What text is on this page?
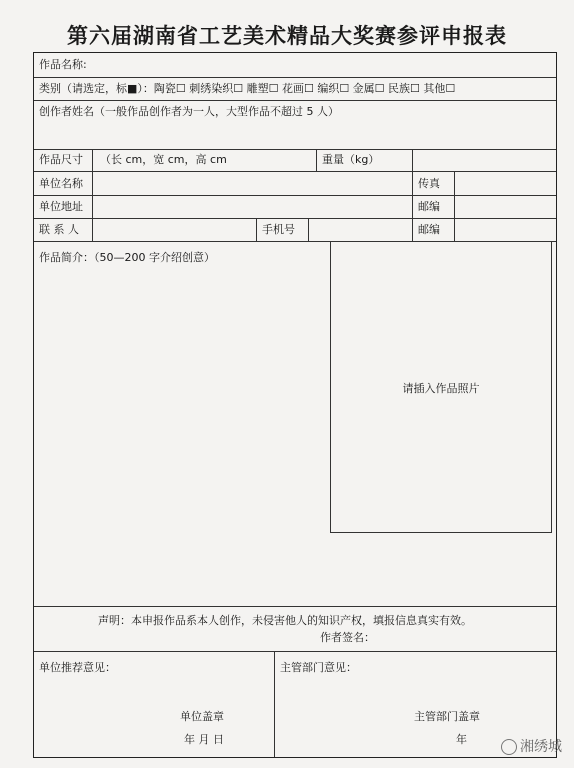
第六届湖南省工艺美术精品大奖赛参评申报表
作品名称:
类别（请选定，标■）：陶瓷☐ 刺绣染织☐ 雕塑☐ 花画☐ 编织☐ 金属☐ 民族☐ 其他☐
创作者姓名（一般作品创作者为一人，大型作品不超过 5 人）
作品尺寸 （长 cm，宽 cm，高 cm	重量（kg）
单位名称	传真
单位地址	邮编
联 系 人	手机号	邮编
作品简介：（50—200 字介绍创意）
请插入作品照片
声明：本申报作品系本人创作，未侵害他人的知识产权，填报信息真实有效。
作者签名：
单位推荐意见：
单位盖章
年 月 日
主管部门意见：
主管部门盖章
年	湘绣城
